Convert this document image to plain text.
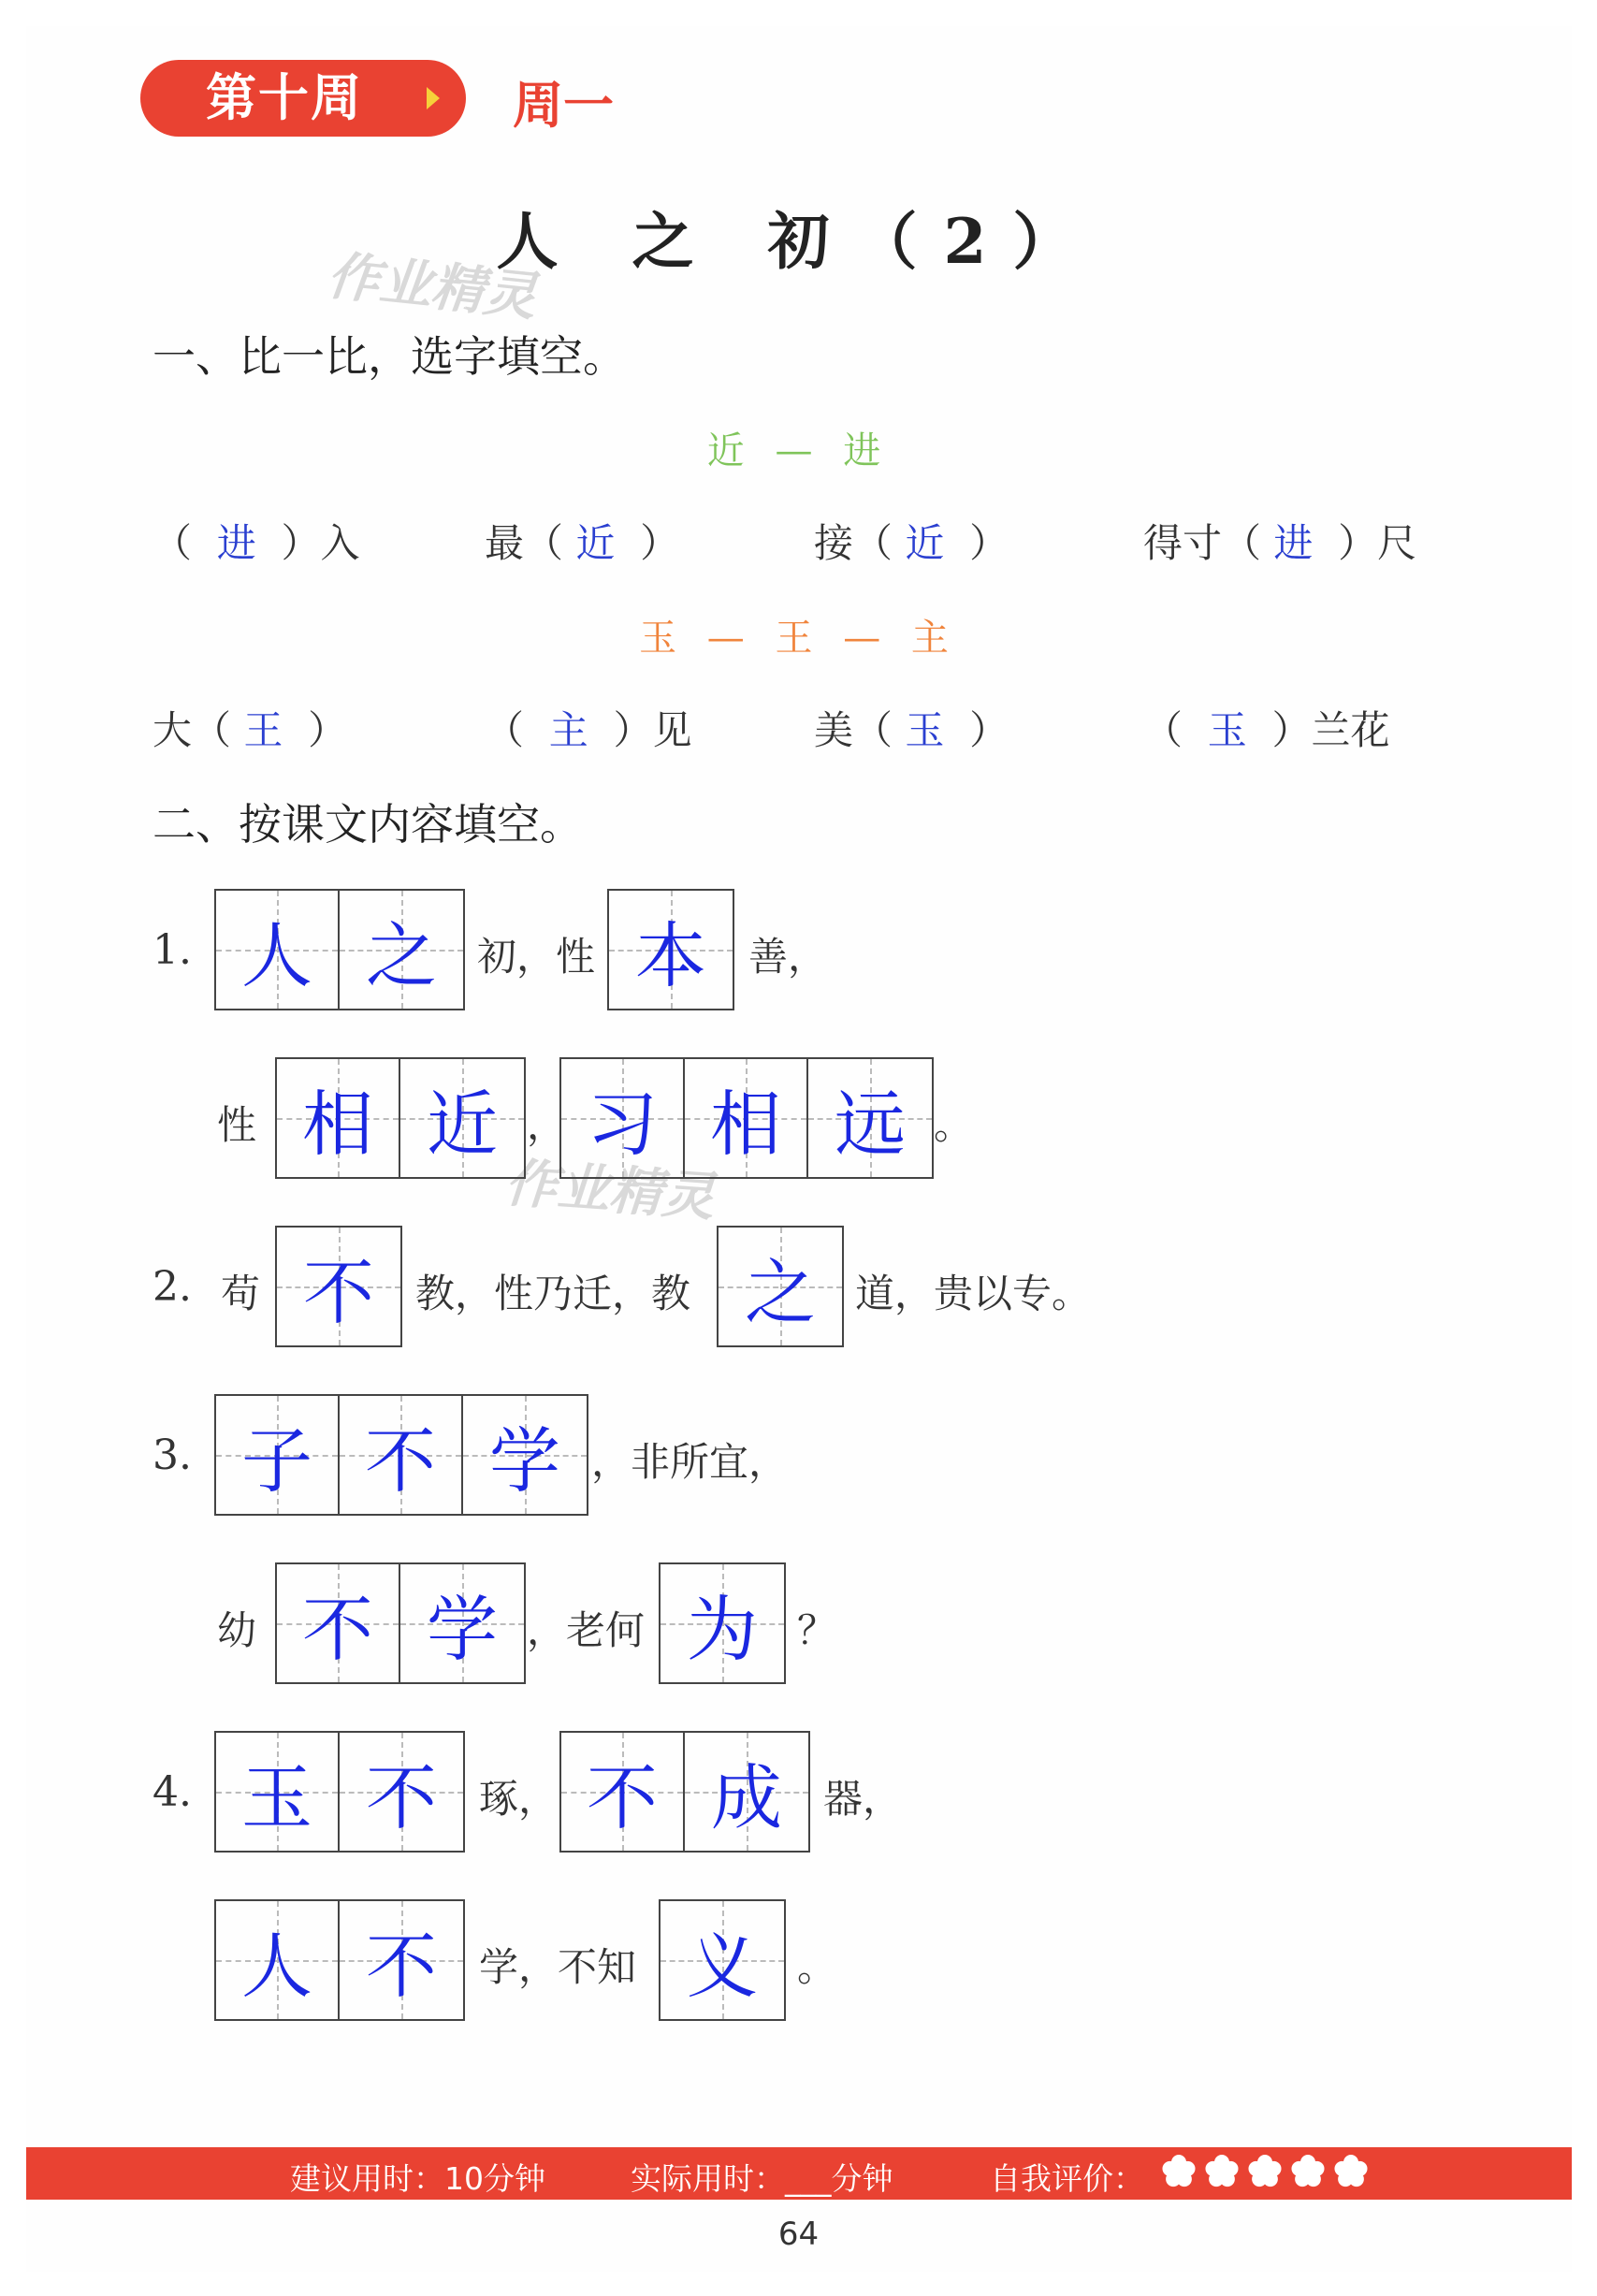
第十周	周一
人 之 初（2）
作业精灵
作业精灵
一、比一比，选字填空。
近 — 进
（ 进 ）入	最（ 近 ）	接（ 近 ）	得寸（ 进 ）尺
玉 — 王 — 主
大（ 王 ）	（ 主 ）见	美（ 玉 ）	（ 玉 ）兰花
二、按课文内容填空。
1. 人 之 初，性 本 善，
性 相 近 ， 习 相 远 。
2. 苟 不 教，性乃迁，教 之 道，贵以专。
3. 子 不 学 ，非所宜，
幼 不 学 ，老何 为 ？
4. 玉 不 琢， 不 成 器，
人 不 学，不知 义 。
建议用时：10分钟	实际用时：___分钟	自我评价：
64
